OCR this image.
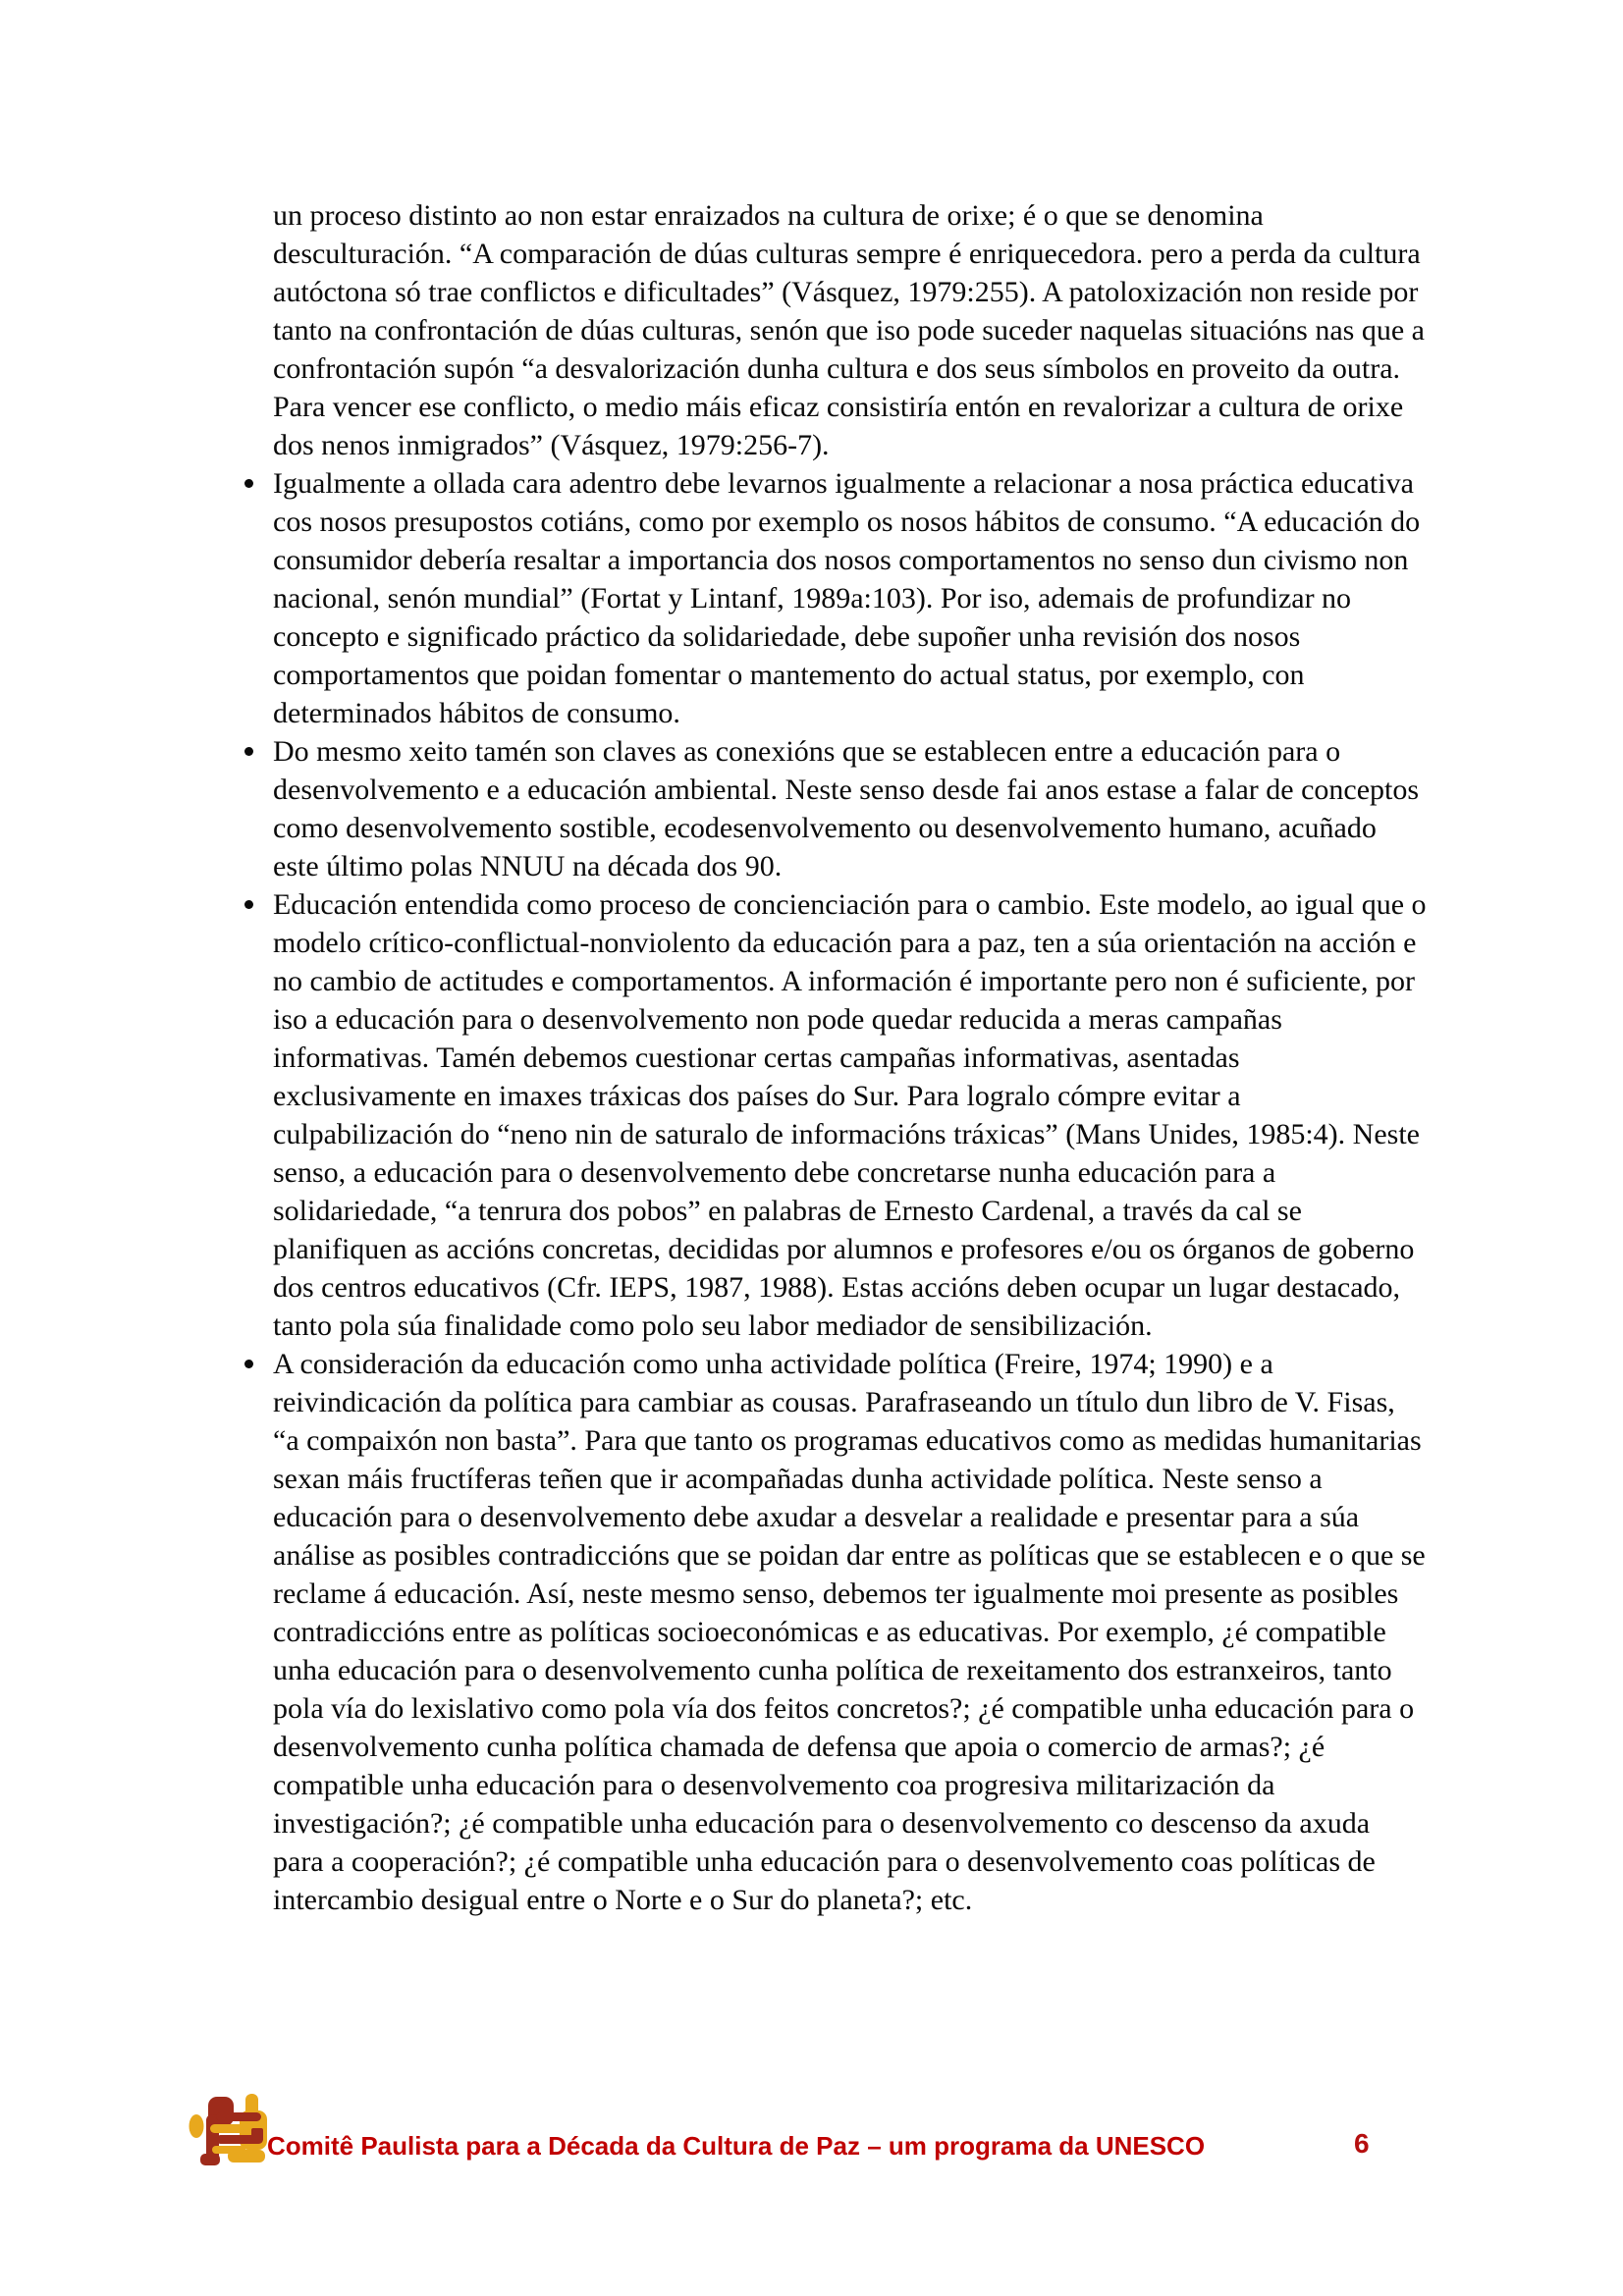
un proceso distinto ao non estar enraizados na cultura de orixe; é o que se denomina desculturación. “A comparación de dúas culturas sempre é enriquecedora. pero a perda da cultura autóctona só trae conflictos e dificultades” (Vásquez, 1979:255). A patoloxización non reside por tanto na confrontación de dúas culturas, senón que iso pode suceder naquelas situacións nas que a confrontación supón “a desvalorización dunha cultura e dos seus símbolos en proveito da outra. Para vencer ese conflicto, o medio máis eficaz consistiría entón en revalorizar a cultura de orixe dos nenos inmigrados” (Vásquez, 1979:256-7).

Igualmente a ollada cara adentro debe levarnos igualmente a relacionar a nosa práctica educativa cos nosos presupostos cotiáns, como por exemplo os nosos hábitos de consumo. “A educación do consumidor debería resaltar a importancia dos nosos comportamentos no senso dun civismo non nacional, senón mundial” (Fortat y Lintanf, 1989a:103). Por iso, ademais de profundizar no concepto e significado práctico da solidariedade, debe supoñer unha revisión dos nosos comportamentos que poidan fomentar o mantemento do actual status, por exemplo, con determinados hábitos de consumo.
Do mesmo xeito tamén son claves as conexións que se establecen entre a educación para o desenvolvemento e a educación ambiental. Neste senso desde fai anos estase a falar de conceptos como desenvolvemento sostible, ecodesenvolvemento ou desenvolvemento humano, acuñado este último polas NNUU na década dos 90.
Educación entendida como proceso de concienciación para o cambio. Este modelo, ao igual que o modelo crítico-conflictual-nonviolento da educación para a paz, ten a súa orientación na acción e no cambio de actitudes e comportamentos. A información é importante pero non é suficiente, por iso a educación para o desenvolvemento non pode quedar reducida a meras campañas informativas. Tamén debemos cuestionar certas campañas informativas, asentadas exclusivamente en imaxes tráxicas dos países do Sur. Para logralo cómpre evitar a culpabilización do “neno nin de saturalo de informacións tráxicas” (Mans Unides, 1985:4). Neste senso, a educación para o desenvolvemento debe concretarse nunha educación para a solidariedade, “a tenrura dos pobos” en palabras de Ernesto Cardenal, a través da cal se planifiquen as accións concretas, decididas por alumnos e profesores e/ou os órganos de goberno dos centros educativos (Cfr. IEPS, 1987, 1988). Estas accións deben ocupar un lugar destacado, tanto pola súa finalidade como polo seu labor mediador de sensibilización.
A consideración da educación como unha actividade política (Freire, 1974; 1990) e a reivindicación da política para cambiar as cousas. Parafraseando un título dun libro de V. Fisas, “a compaixón non basta”. Para que tanto os programas educativos como as medidas humanitarias sexan máis fructíferas teñen que ir acompañadas dunha actividade política. Neste senso a educación para o desenvolvemento debe axudar a desvelar a realidade e presentar para a súa análise as posibles contradiccións que se poidan dar entre as políticas que se establecen e o que se reclame á educación. Así, neste mesmo senso, debemos ter igualmente moi presente as posibles contradiccións entre as políticas socioeconómicas e as educativas. Por exemplo, ¿é compatible unha educación para o desenvolvemento cunha política de rexeitamento dos estranxeiros, tanto pola vía do lexislativo como pola vía dos feitos concretos?; ¿é compatible unha educación para o desenvolvemento cunha política chamada de defensa que apoia o comercio de armas?; ¿é compatible unha educación para o desenvolvemento coa progresiva militarización da investigación?; ¿é compatible unha educación para o desenvolvemento co descenso da axuda para a cooperación?; ¿é compatible unha educación para o desenvolvemento coas políticas de intercambio desigual entre o Norte e o Sur do planeta?; etc.
Comitê Paulista para a Década da Cultura de Paz – um programa da UNESCO	6
